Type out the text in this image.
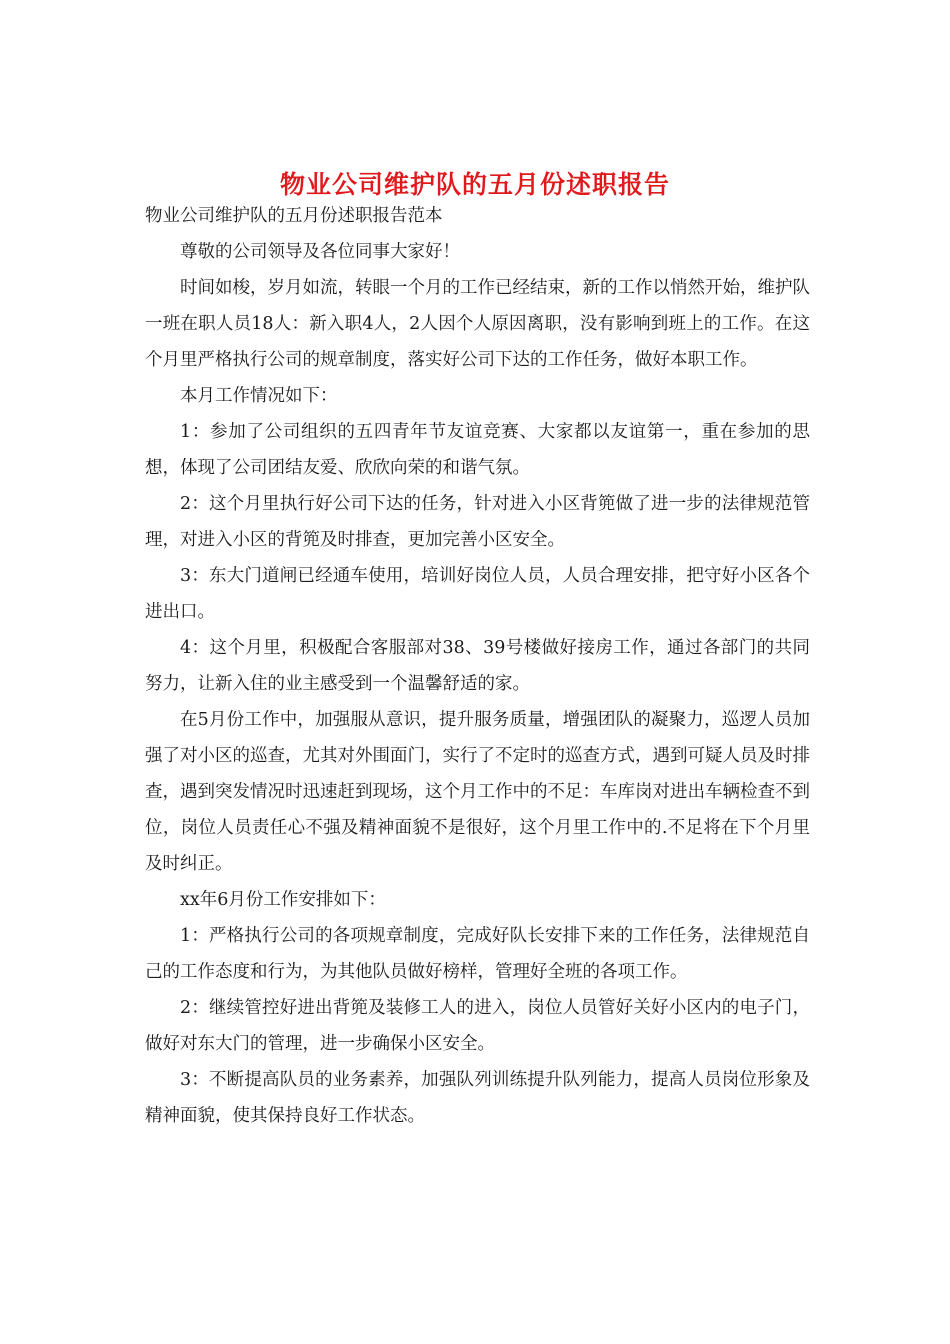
物业公司维护队的五月份述职报告

物业公司维护队的五月份述职报告范本

尊敬的公司领导及各位同事大家好！

时间如梭，岁月如流，转眼一个月的工作已经结束，新的工作以悄然开始，维护队一班在职人员18人：新入职4人，2人因个人原因离职，没有影响到班上的工作。在这个月里严格执行公司的规章制度，落实好公司下达的工作任务，做好本职工作。

本月工作情况如下：

1：参加了公司组织的五四青年节友谊竞赛、大家都以友谊第一，重在参加的思想，体现了公司团结友爱、欣欣向荣的和谐气氛。

2：这个月里执行好公司下达的任务，针对进入小区背篼做了进一步的法律规范管理，对进入小区的背篼及时排查，更加完善小区安全。

3：东大门道闸已经通车使用，培训好岗位人员，人员合理安排，把守好小区各个进出口。

4：这个月里，积极配合客服部对38、39号楼做好接房工作，通过各部门的共同努力，让新入住的业主感受到一个温馨舒适的家。

在5月份工作中，加强服从意识，提升服务质量，增强团队的凝聚力，巡逻人员加强了对小区的巡查，尤其对外围面门，实行了不定时的巡查方式，遇到可疑人员及时排查，遇到突发情况时迅速赶到现场，这个月工作中的不足：车库岗对进出车辆检查不到位，岗位人员责任心不强及精神面貌不是很好，这个月里工作中的.不足将在下个月里及时纠正。

xx年6月份工作安排如下：

1：严格执行公司的各项规章制度，完成好队长安排下来的工作任务，法律规范自己的工作态度和行为，为其他队员做好榜样，管理好全班的各项工作。

2：继续管控好进出背篼及装修工人的进入，岗位人员管好关好小区内的电子门，做好对东大门的管理，进一步确保小区安全。

3：不断提高队员的业务素养，加强队列训练提升队列能力，提高人员岗位形象及精神面貌，使其保持良好工作状态。
